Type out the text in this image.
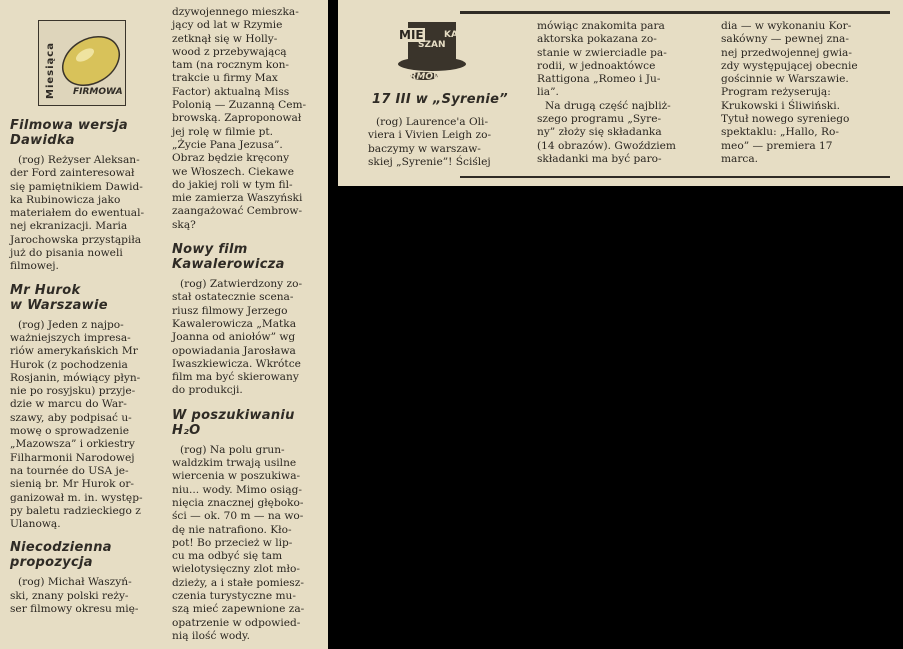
Miesiąca FIRMOWA

Filmowa wersja

Dawidka

(rog) Reżyser Aleksan-

der Ford zainteresował

się pamiętnikiem Dawid-

ka Rubinowicza jako

materiałem do ewentual-

nej ekranizacji. Maria

Jarochowska przystąpiła

już do pisania noweli

filmowej.

Mr Hurok

w Warszawie

(rog) Jeden z najpo-

ważniejszych impresa-

riów amerykańskich Mr

Hurok (z pochodzenia

Rosjanin, mówiący płyn-

nie po rosyjsku) przyje-

dzie w marcu do War-

szawy, aby podpisać u-

mowę o sprowadzenie

„Mazowsza” i orkiestry

Filharmonii Narodowej

na tournée do USA je-

sienią br. Mr Hurok or-

ganizował m. in. występ-

py baletu radzieckiego z

Ulanową.

Niecodzienna

propozycja

(rog) Michał Waszyń-

ski, znany polski reży-

ser filmowy okresu mię-

dzywojennego mieszka-

jący od lat w Rzymie

zetknął się w Holly-

wood z przebywającą

tam (na rocznym kon-

trakcie u firmy Max

Factor) aktualną Miss

Polonią — Zuzanną Cem-

browską. Zaproponował

jej rolę w filmie pt.

„Życie Pana Jezusa”.

Obraz będzie kręcony

we Włoszech. Ciekawe

do jakiej roli w tym fil-

mie zamierza Waszyński

zaangażować Cembrow-

ską?

Nowy film

Kawalerowicza

(rog) Zatwierdzony zo-

stał ostatecznie scena-

riusz filmowy Jerzego

Kawalerowicza „Matka

Joanna od aniołów” wg

opowiadania Jarosława

Iwaszkiewicza. Wkrótce

film ma być skierowany

do produkcji.

W poszukiwaniu

H₂O

(rog) Na polu grun-

waldzkim trwają usilne

wiercenia w poszukiwa-

niu... wody. Mimo osiąg-

nięcia znacznej głęboko-

ści — ok. 70 m — na wo-

dę nie natrafiono. Kło-

pot! Bo przecież w lip-

cu ma odbyć się tam

wielotysięczny zlot mło-

dzieży, a i stałe pomiesz-

czenia turystyczne mu-

szą mieć zapewnione za-

opatrzenie w odpowied-

nią ilość wody.

MIE
SZAN
KA
FIRMOWA

17 III w „Syrenie”

(rog) Laurence'a Oli-

viera i Vivien Leigh zo-

baczymy w warszaw-

skiej „Syrenie”! Ściślej

mówiąc znakomita para

aktorska pokazana zo-

stanie w zwierciadle pa-

rodii, w jednoaktówce

Rattigona „Romeo i Ju-

lia”.

Na drugą część najbliż-

szego programu „Syre-

ny” złoży się składanka

(14 obrazów). Gwoździem

składanki ma być paro-

dia — w wykonaniu Kor-

sakówny — pewnej zna-

nej przedwojennej gwia-

zdy występującej obecnie

gościnnie w Warszawie.

Program reżyserują:

Krukowski i Śliwiński.

Tytuł nowego syreniego

spektaklu: „Hallo, Ro-

meo” — premiera 17

marca.
